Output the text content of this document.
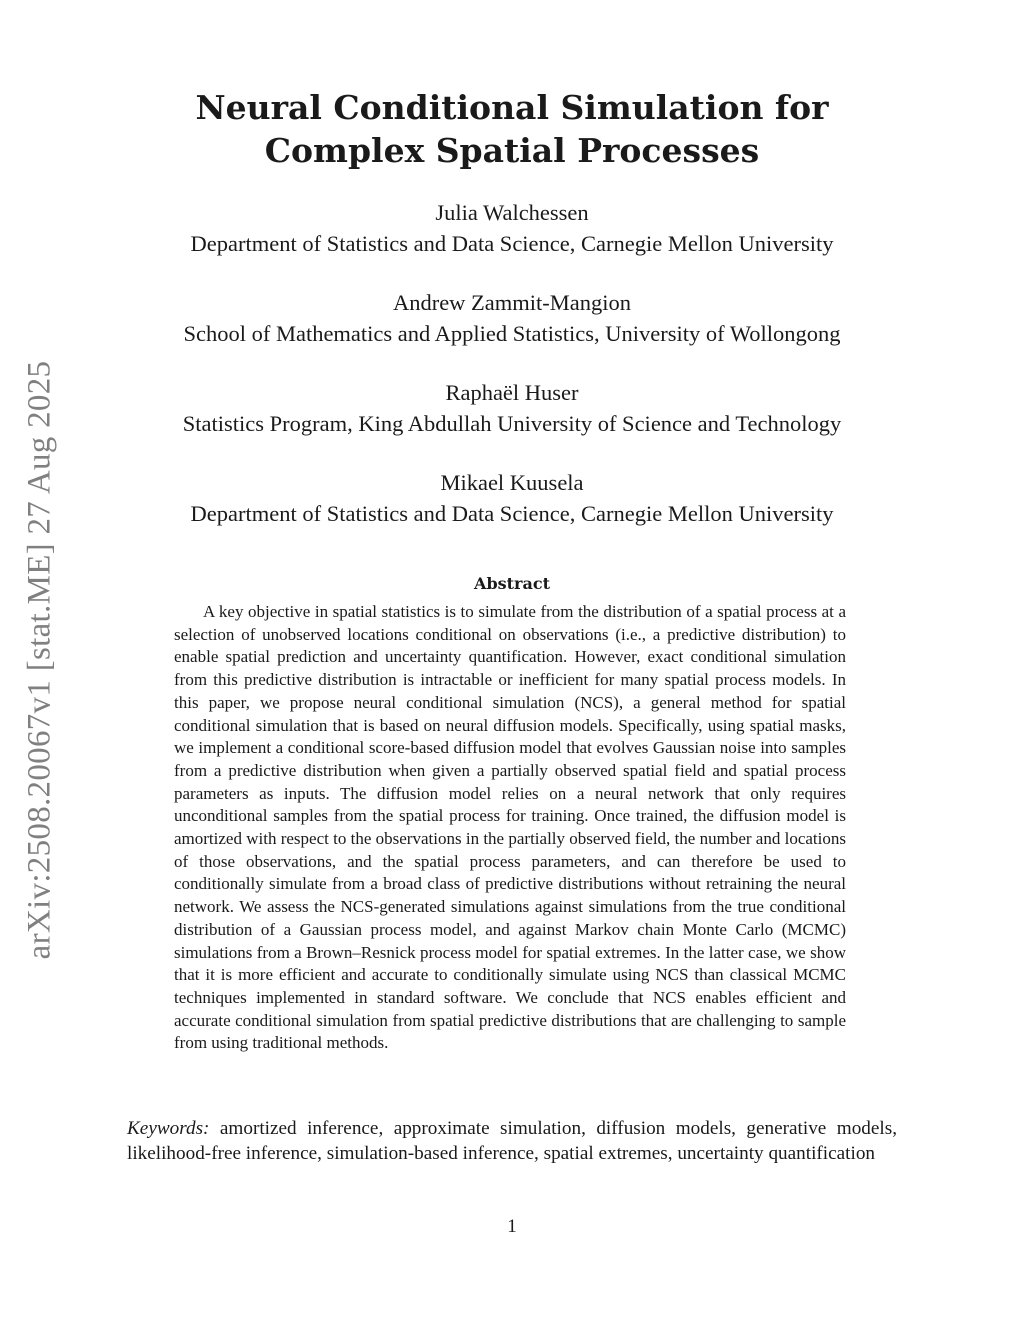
arXiv:2508.20067v1 [stat.ME] 27 Aug 2025
Neural Conditional Simulation for Complex Spatial Processes
Julia Walchessen
Department of Statistics and Data Science, Carnegie Mellon University
Andrew Zammit-Mangion
School of Mathematics and Applied Statistics, University of Wollongong
Raphaël Huser
Statistics Program, King Abdullah University of Science and Technology
Mikael Kuusela
Department of Statistics and Data Science, Carnegie Mellon University
Abstract

A key objective in spatial statistics is to simulate from the distribution of a spatial process at a selection of unobserved locations conditional on observations (i.e., a predictive distribution) to enable spatial prediction and uncertainty quantification. However, exact conditional simulation from this predictive distribution is intractable or inefficient for many spatial process models. In this paper, we propose neural conditional simulation (NCS), a general method for spatial conditional simulation that is based on neural diffusion models. Specifically, using spatial masks, we implement a conditional score-based diffusion model that evolves Gaussian noise into samples from a predictive distribution when given a partially observed spatial field and spatial process parameters as inputs. The diffusion model relies on a neural network that only requires unconditional samples from the spatial process for training. Once trained, the diffusion model is amortized with respect to the observations in the partially observed field, the number and locations of those observations, and the spatial process parameters, and can therefore be used to conditionally simulate from a broad class of predictive distributions without retraining the neural network. We assess the NCS-generated simulations against simulations from the true conditional distribution of a Gaussian process model, and against Markov chain Monte Carlo (MCMC) simulations from a Brown–Resnick process model for spatial extremes. In the latter case, we show that it is more efficient and accurate to conditionally simulate using NCS than classical MCMC techniques implemented in standard software. We conclude that NCS enables efficient and accurate conditional simulation from spatial predictive distributions that are challenging to sample from using traditional methods.

Keywords: amortized inference, approximate simulation, diffusion models, generative models, likelihood-free inference, simulation-based inference, spatial extremes, uncertainty quantification

1
